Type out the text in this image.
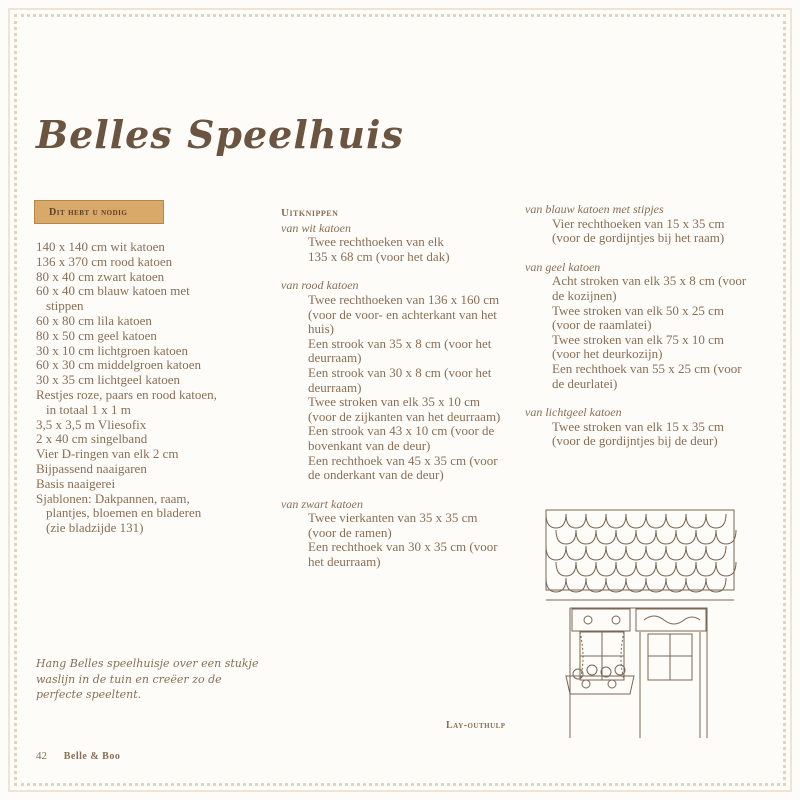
Belles Speelhuis
Dit hebt u nodig
140 x 140 cm wit katoen
136 x 370 cm rood katoen
80 x 40 cm zwart katoen
60 x 40 cm blauw katoen met
stippen
60 x 80 cm lila katoen
80 x 50 cm geel katoen
30 x 10 cm lichtgroen katoen
60 x 30 cm middelgroen katoen
30 x 35 cm lichtgeel katoen
Restjes roze, paars en rood katoen,
in totaal 1 x 1 m
3,5 x 3,5 m Vliesofix
2 x 40 cm singelband
Vier D-ringen van elk 2 cm
Bijpassend naaigaren
Basis naaigerei
Sjablonen: Dakpannen, raam,
plantjes, bloemen en bladeren
(zie bladzijde 131)
Uitknippen
van wit katoen
Twee rechthoeken van elk
135 x 68 cm (voor het dak)
van rood katoen
Twee rechthoeken van 136 x 160 cm
(voor de voor- en achterkant van het
huis)
Een strook van 35 x 8 cm (voor het
deurraam)
Een strook van 30 x 8 cm (voor het
deurraam)
Twee stroken van elk 35 x 10 cm
(voor de zijkanten van het deurraam)
Een strook van 43 x 10 cm (voor de
bovenkant van de deur)
Een rechthoek van 45 x 35 cm (voor
de onderkant van de deur)
van zwart katoen
Twee vierkanten van 35 x 35 cm
(voor de ramen)
Een rechthoek van 30 x 35 cm (voor
het deurraam)
van blauw katoen met stipjes
Vier rechthoeken van 15 x 35 cm
(voor de gordijntjes bij het raam)
van geel katoen
Acht stroken van elk 35 x 8 cm (voor
de kozijnen)
Twee stroken van elk 50 x 25 cm
(voor de raamlatei)
Twee stroken van elk 75 x 10 cm
(voor het deurkozijn)
Een rechthoek van 55 x 25 cm (voor
de deurlatei)
van lichtgeel katoen
Twee stroken van elk 15 x 35 cm
(voor de gordijntjes bij de deur)
Hang Belles speelhuisje over een stukje
waslijn in de tuin en creëer zo de
perfecte speeltent.
Lay-outhulp
42 Belle & Boo
